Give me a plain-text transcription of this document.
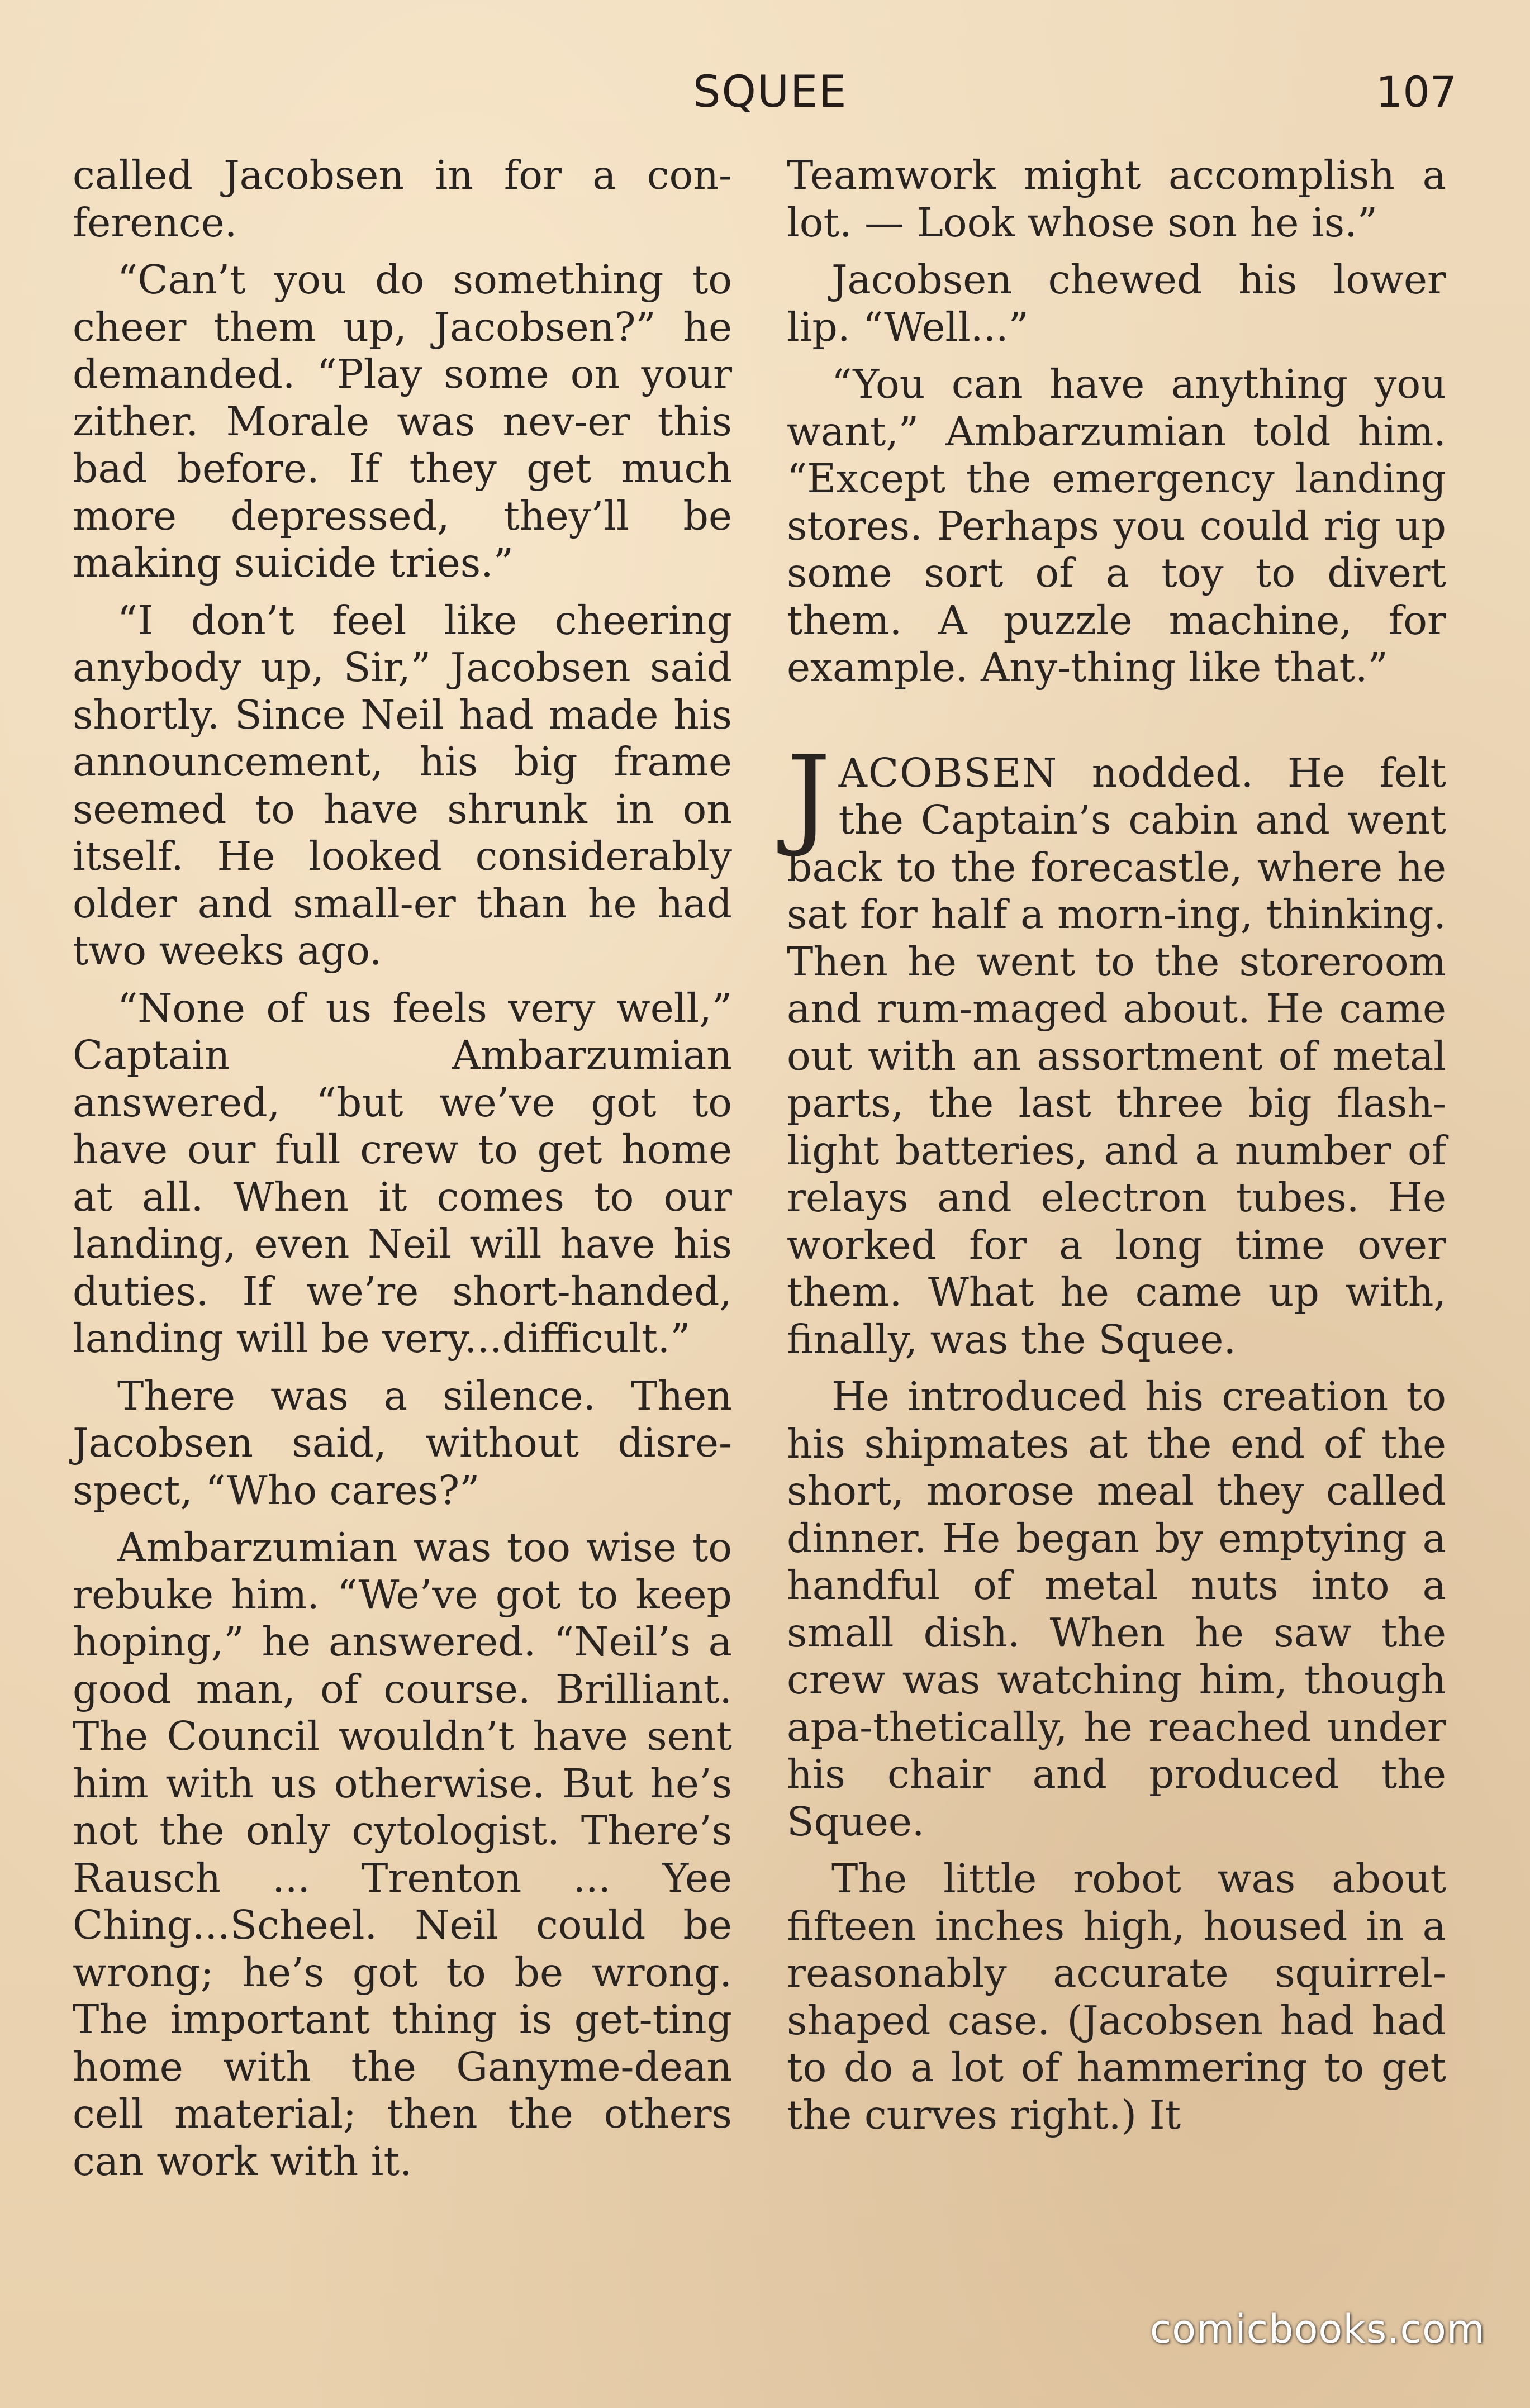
SQUEE	107

called Jacobsen in for a con-ference.

“Can’t you do something to cheer them up, Jacobsen?” he demanded. “Play some on your zither. Morale was nev-er this bad before. If they get much more depressed, they’ll be making suicide tries.”

“I don’t feel like cheering anybody up, Sir,” Jacobsen said shortly. Since Neil had made his announcement, his big frame seemed to have shrunk in on itself. He looked considerably older and small-er than he had two weeks ago.

“None of us feels very well,” Captain Ambarzumian answered, “but we’ve got to have our full crew to get home at all. When it comes to our landing, even Neil will have his duties. If we’re short-handed, landing will be very...difficult.”

There was a silence. Then Jacobsen said, without disre-spect, “Who cares?”

Ambarzumian was too wise to rebuke him. “We’ve got to keep hoping,” he answered. “Neil’s a good man, of course. Brilliant. The Council wouldn’t have sent him with us otherwise. But he’s not the only cytologist. There’s Rausch ... Trenton ... Yee Ching...Scheel. Neil could be wrong; he’s got to be wrong. The important thing is get-ting home with the Ganyme-dean cell material; then the others can work with it.

Teamwork might accomplish a lot. — Look whose son he is.”

Jacobsen chewed his lower lip. “Well...”

“You can have anything you want,” Ambarzumian told him. “Except the emergency landing stores. Perhaps you could rig up some sort of a toy to divert them. A puzzle machine, for example. Any-thing like that.”

JACOBSEN nodded. He felt the Captain’s cabin and went back to the forecastle, where he sat for half a morn-ing, thinking. Then he went to the storeroom and rum-maged about. He came out with an assortment of metal parts, the last three big flash-light batteries, and a number of relays and electron tubes. He worked for a long time over them. What he came up with, finally, was the Squee.

He introduced his creation to his shipmates at the end of the short, morose meal they called dinner. He began by emptying a handful of metal nuts into a small dish. When he saw the crew was watching him, though apa-thetically, he reached under his chair and produced the Squee.

The little robot was about fifteen inches high, housed in a reasonably accurate squirrel-shaped case. (Jacobsen had had to do a lot of hammering to get the curves right.) It

comicbooks.com
